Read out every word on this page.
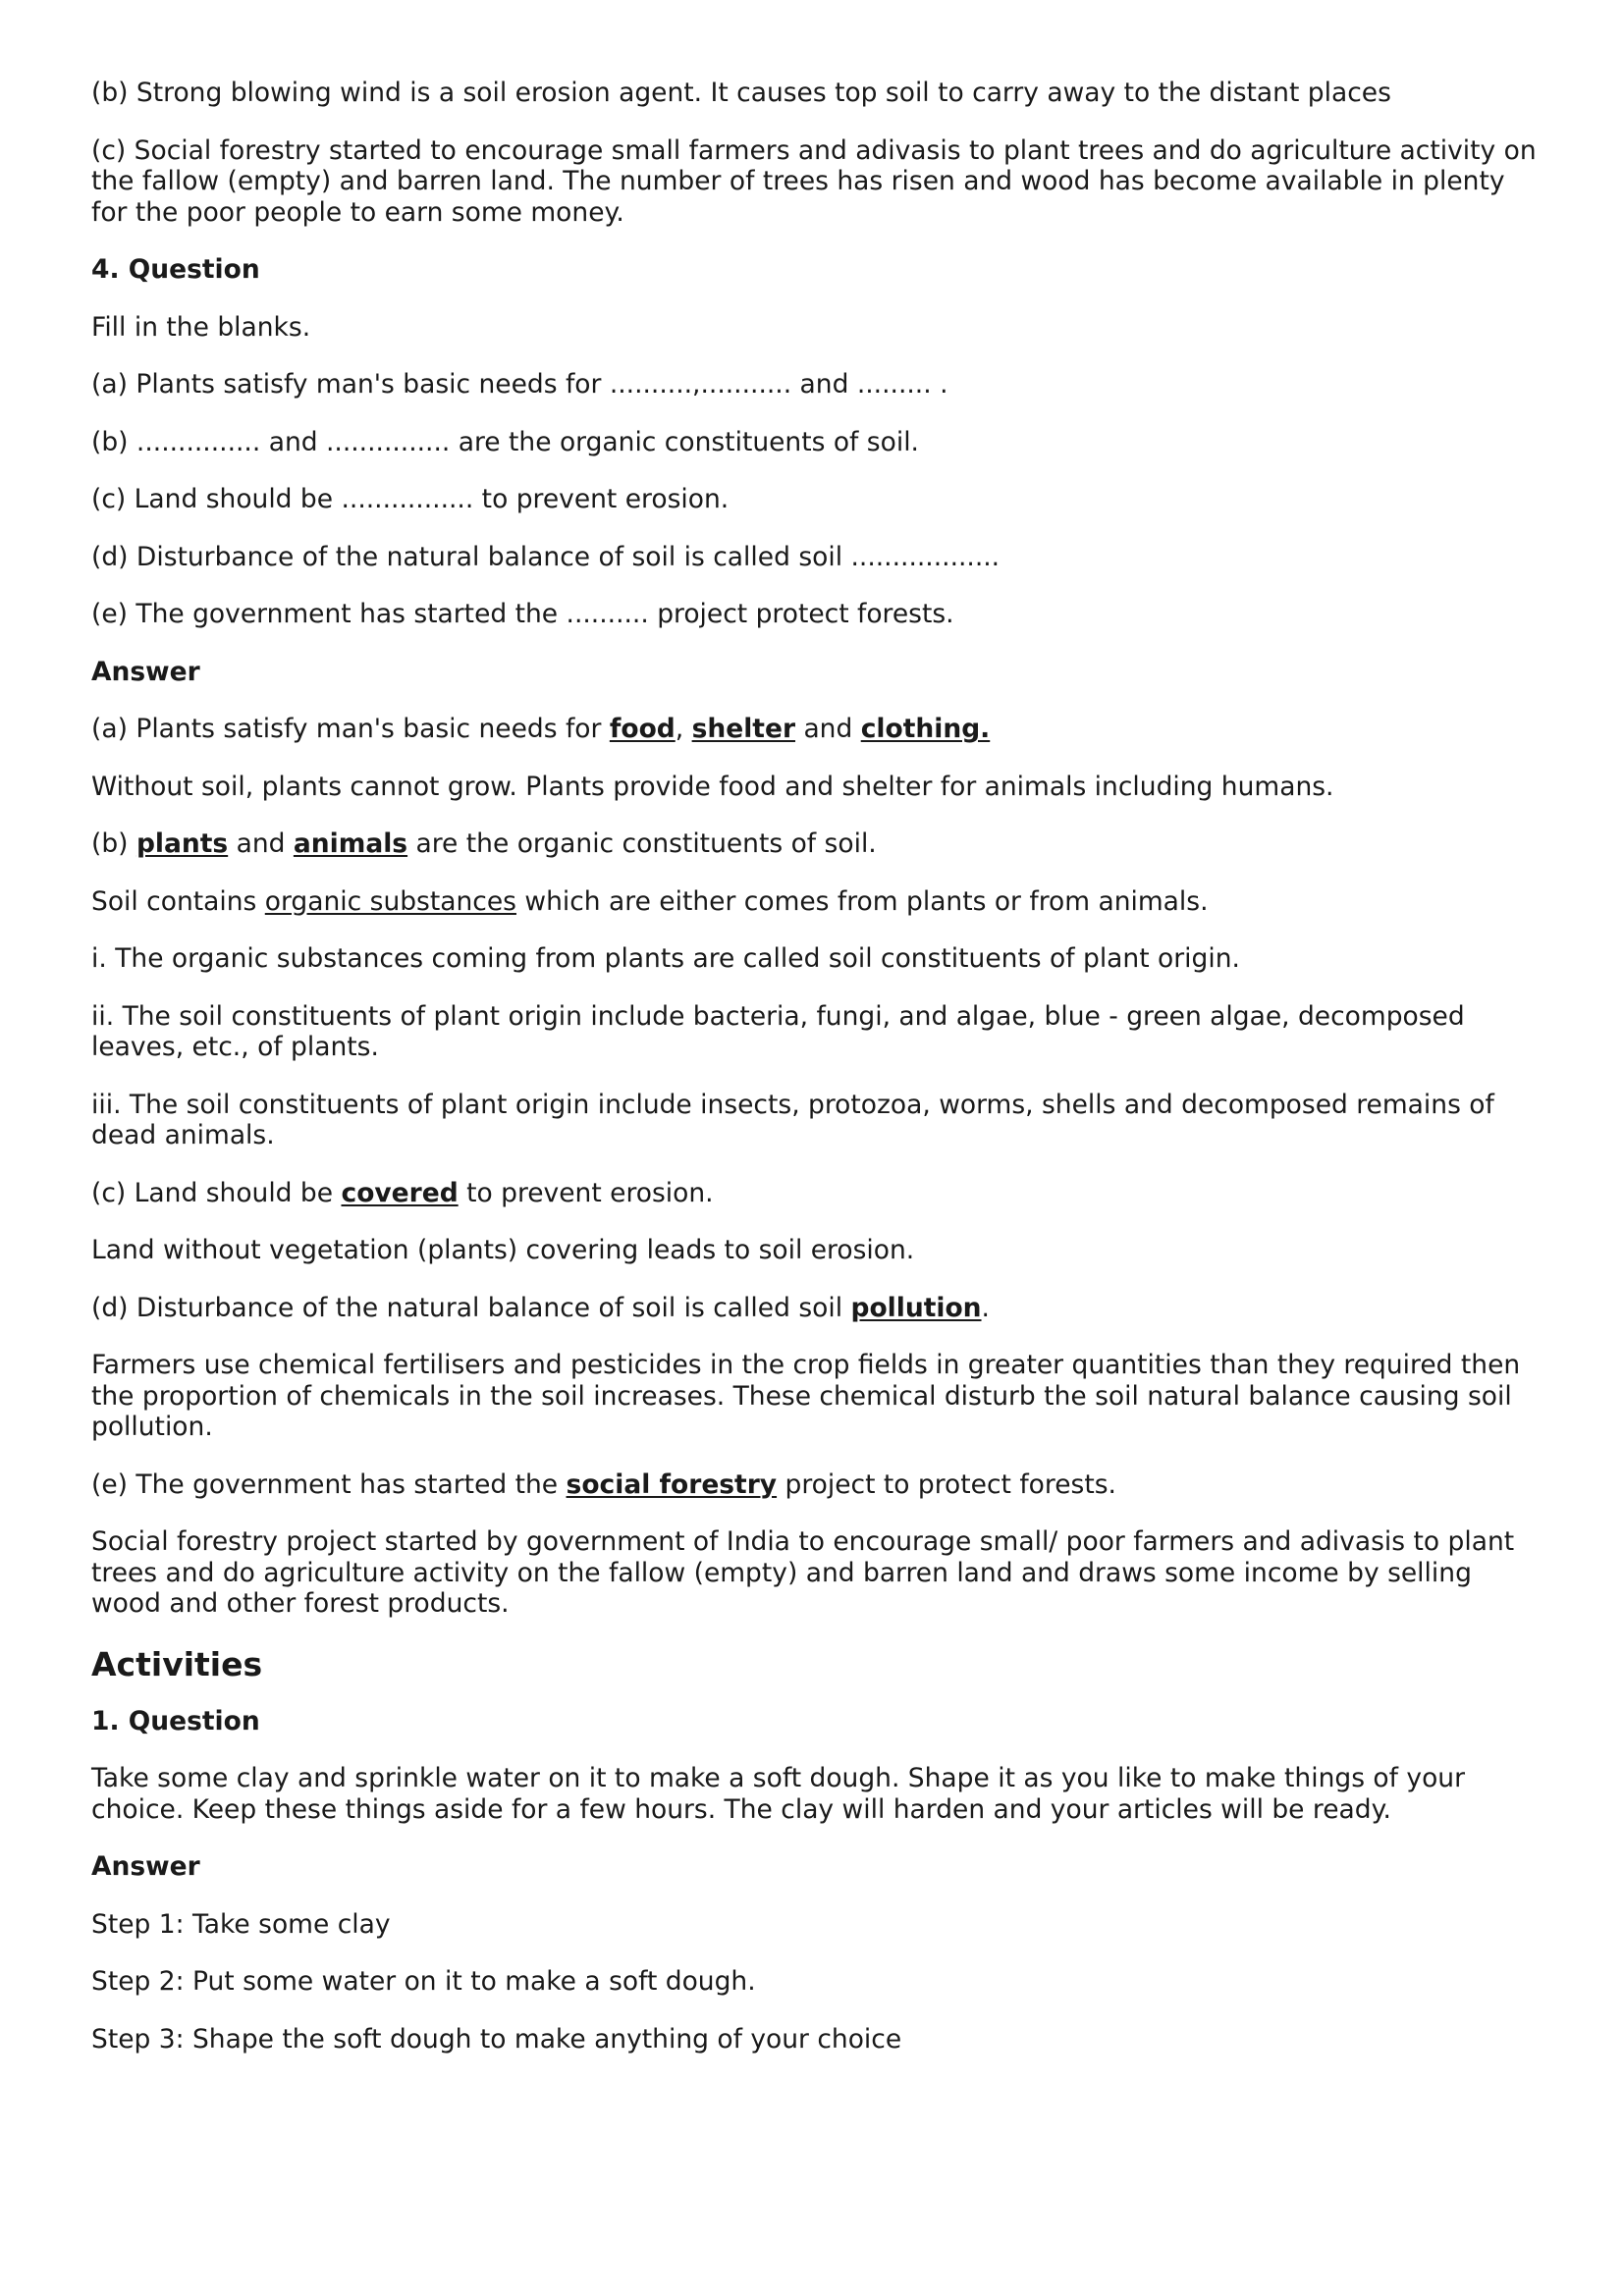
(b) Strong blowing wind is a soil erosion agent. It causes top soil to carry away to the distant places

(c) Social forestry started to encourage small farmers and adivasis to plant trees and do agriculture activity on the fallow (empty) and barren land. The number of trees has risen and wood has become available in plenty for the poor people to earn some money.

4. Question

Fill in the blanks.

(a) Plants satisfy man's basic needs for ..........,........... and ......... .

(b) ............... and ............... are the organic constituents of soil.

(c) Land should be ................ to prevent erosion.

(d) Disturbance of the natural balance of soil is called soil ..................

(e) The government has started the .......... project protect forests.

Answer

(a) Plants satisfy man's basic needs for food, shelter and clothing.

Without soil, plants cannot grow. Plants provide food and shelter for animals including humans.

(b) plants and animals are the organic constituents of soil.

Soil contains organic substances which are either comes from plants or from animals.

i. The organic substances coming from plants are called soil constituents of plant origin.

ii. The soil constituents of plant origin include bacteria, fungi, and algae, blue - green algae, decomposed leaves, etc., of plants.

iii. The soil constituents of plant origin include insects, protozoa, worms, shells and decomposed remains of dead animals.

(c) Land should be covered to prevent erosion.

Land without vegetation (plants) covering leads to soil erosion.

(d) Disturbance of the natural balance of soil is called soil pollution.

Farmers use chemical fertilisers and pesticides in the crop fields in greater quantities than they required then the proportion of chemicals in the soil increases. These chemical disturb the soil natural balance causing soil pollution.

(e) The government has started the social forestry project to protect forests.

Social forestry project started by government of India to encourage small/ poor farmers and adivasis to plant trees and do agriculture activity on the fallow (empty) and barren land and draws some income by selling wood and other forest products.

Activities

1. Question

Take some clay and sprinkle water on it to make a soft dough. Shape it as you like to make things of your choice. Keep these things aside for a few hours. The clay will harden and your articles will be ready.

Answer

Step 1: Take some clay

Step 2: Put some water on it to make a soft dough.

Step 3: Shape the soft dough to make anything of your choice
